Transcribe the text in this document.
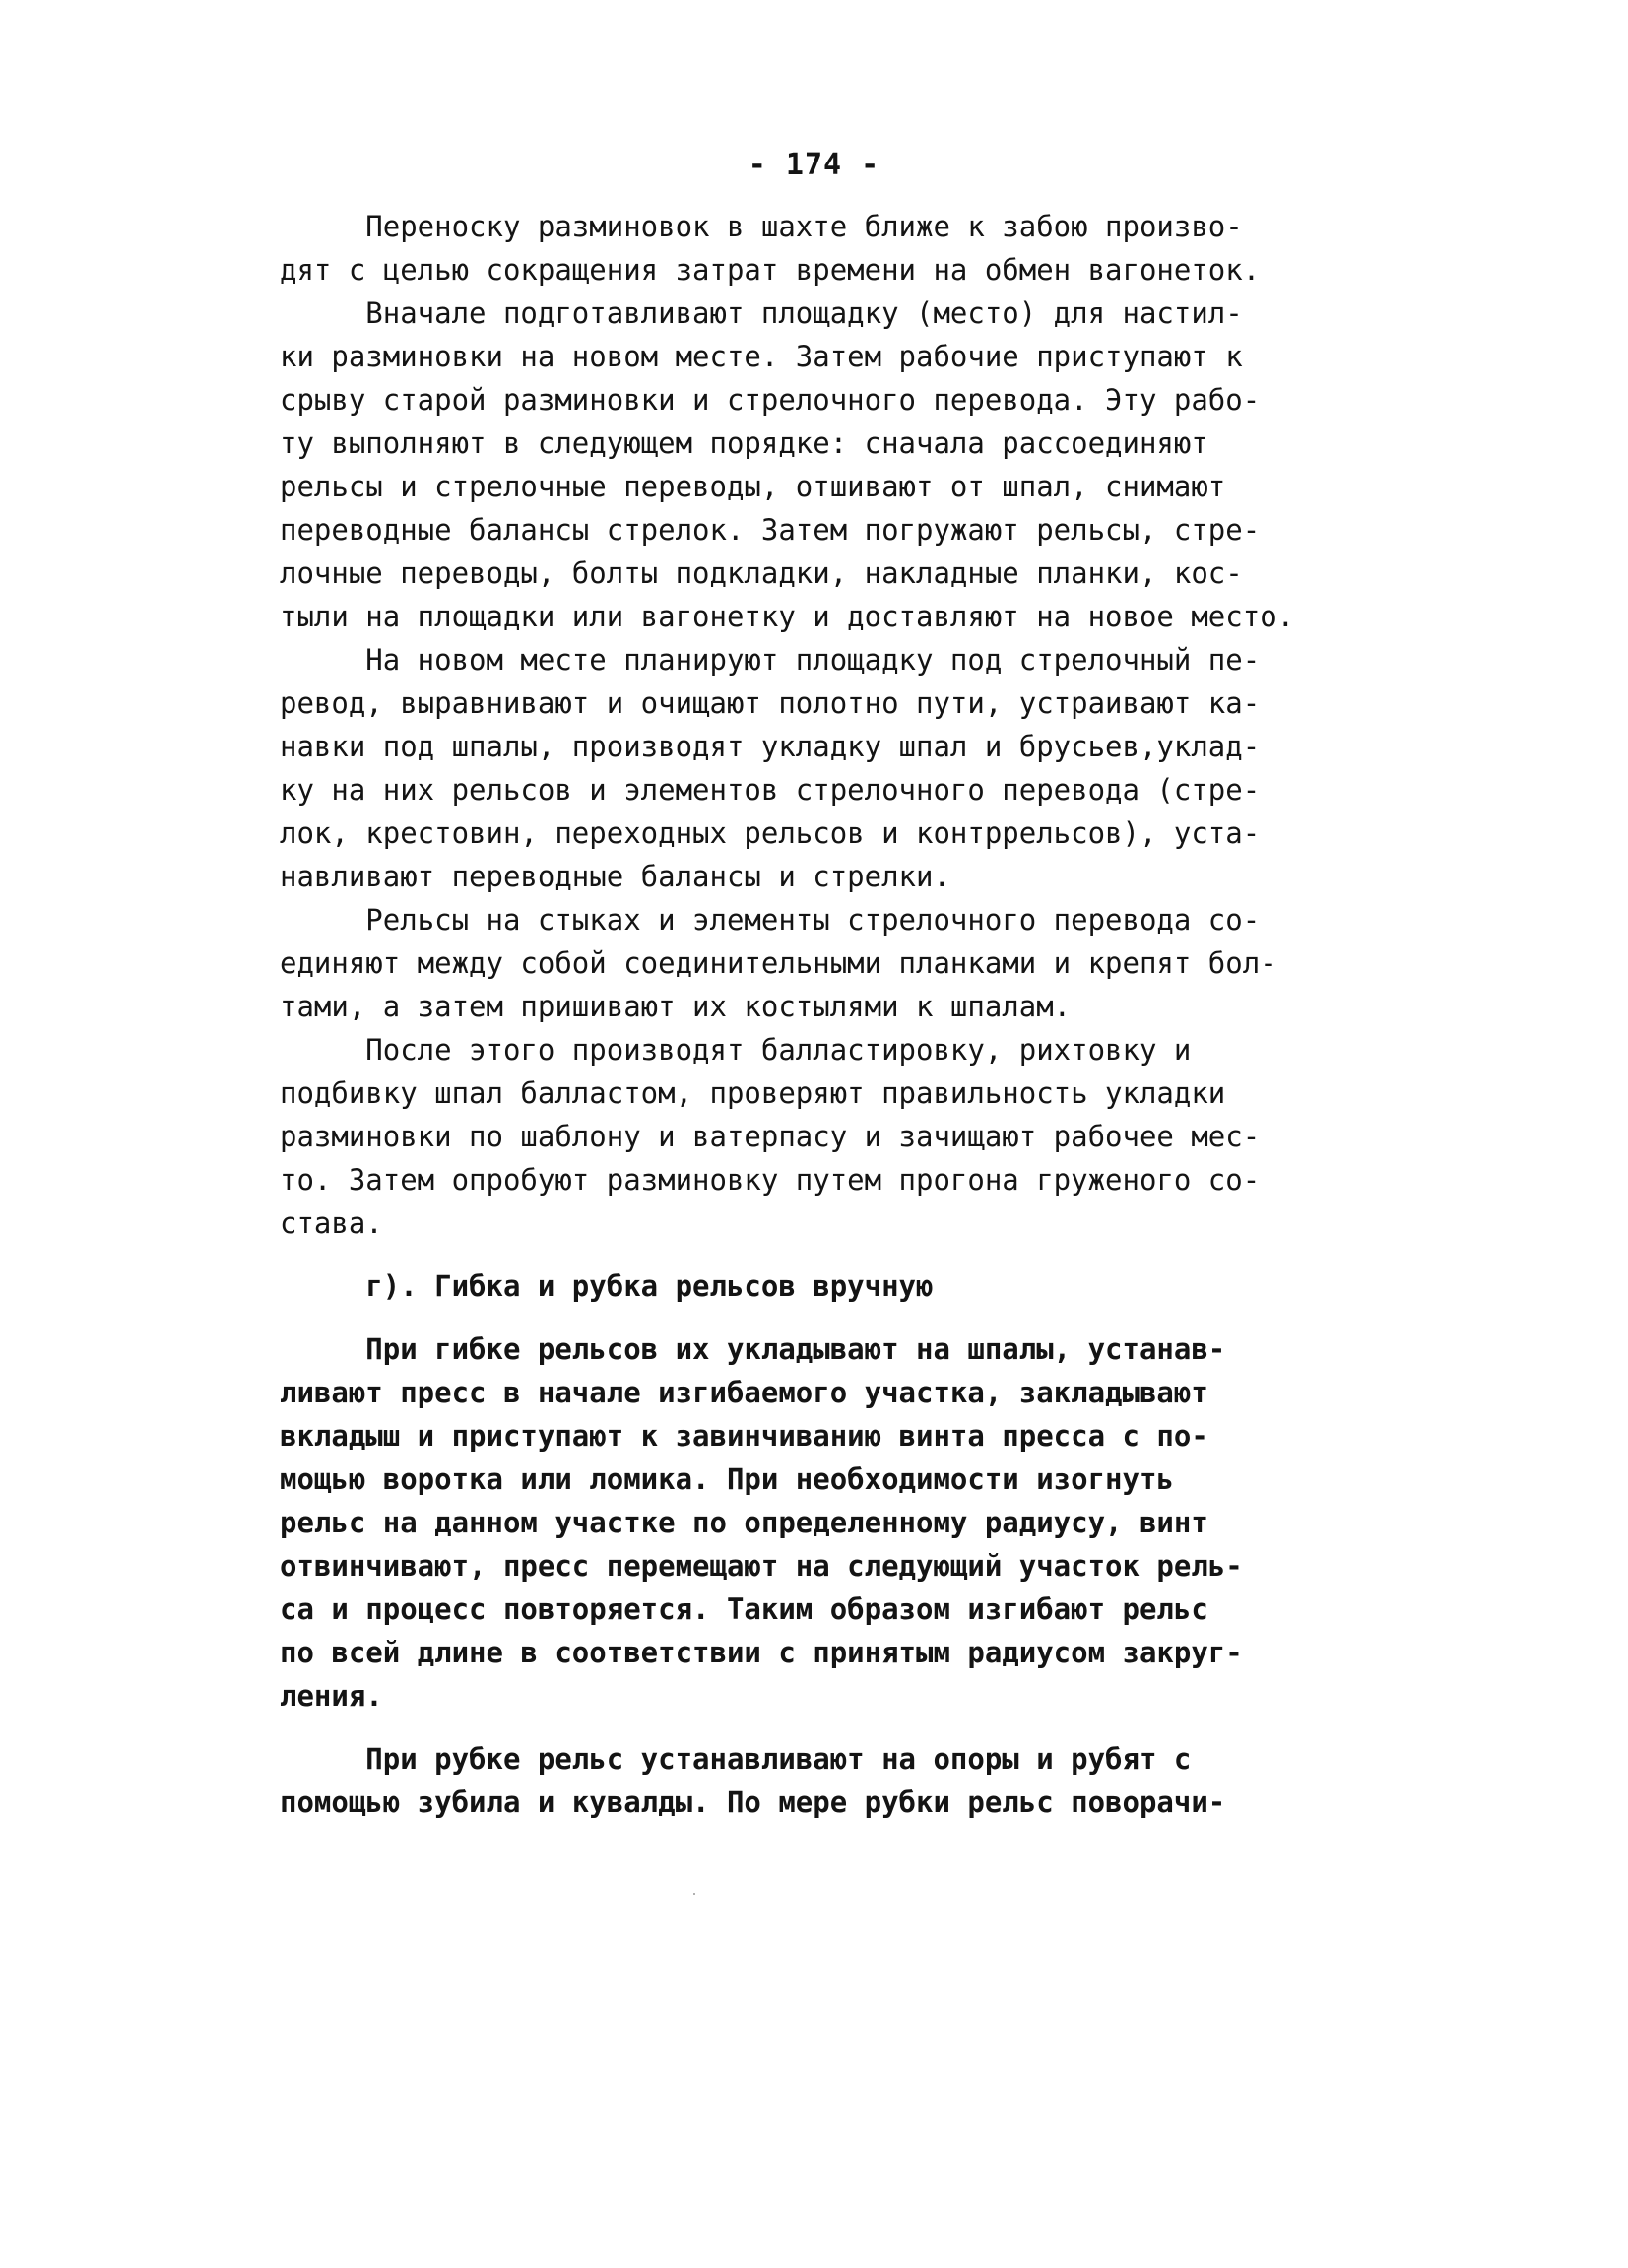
- 174 -
Переноску разминовок в шахте ближе к забою произво-
дят с целью сокращения затрат времени на обмен вагонеток.
Вначале подготавливают площадку (место) для настил-
ки разминовки на новом месте. Затем рабочие приступают к
срыву старой разминовки и стрелочного перевода. Эту рабо-
ту выполняют в следующем порядке: сначала рассоединяют
рельсы и стрелочные переводы, отшивают от шпал, снимают
переводные балансы стрелок. Затем погружают рельсы, стре-
лочные переводы, болты подкладки, накладные планки, кос-
тыли на площадки или вагонетку и доставляют на новое место.
На новом месте планируют площадку под стрелочный пе-
ревод, выравнивают и очищают полотно пути, устраивают ка-
навки под шпалы, производят укладку шпал и брусьев,уклад-
ку на них рельсов и элементов стрелочного перевода (стре-
лок, крестовин, переходных рельсов и контррельсов), уста-
навливают переводные балансы и стрелки.
Рельсы на стыках и элементы стрелочного перевода со-
единяют между собой соединительными планками и крепят бол-
тами, а затем пришивают их костылями к шпалам.
После этого производят балластировку, рихтовку и
подбивку шпал балластом, проверяют правильность укладки
разминовки по шаблону и ватерпасу и зачищают рабочее мес-
то. Затем опробуют разминовку путем прогона груженого со-
става.
г). Гибка и рубка рельсов вручную
При гибке рельсов их укладывают на шпалы, устанав-
ливают пресс в начале изгибаемого участка, закладывают
вкладыш и приступают к завинчиванию винта пресса с по-
мощью воротка или ломика. При необходимости изогнуть
рельс на данном участке по определенному радиусу, винт
отвинчивают, пресс перемещают на следующий участок рель-
са и процесс повторяется. Таким образом изгибают рельс
по всей длине в соответствии с принятым радиусом закруг-
ления.
При рубке рельс устанавливают на опоры и рубят с
помощью зубила и кувалды. По мере рубки рельс поворачи-
